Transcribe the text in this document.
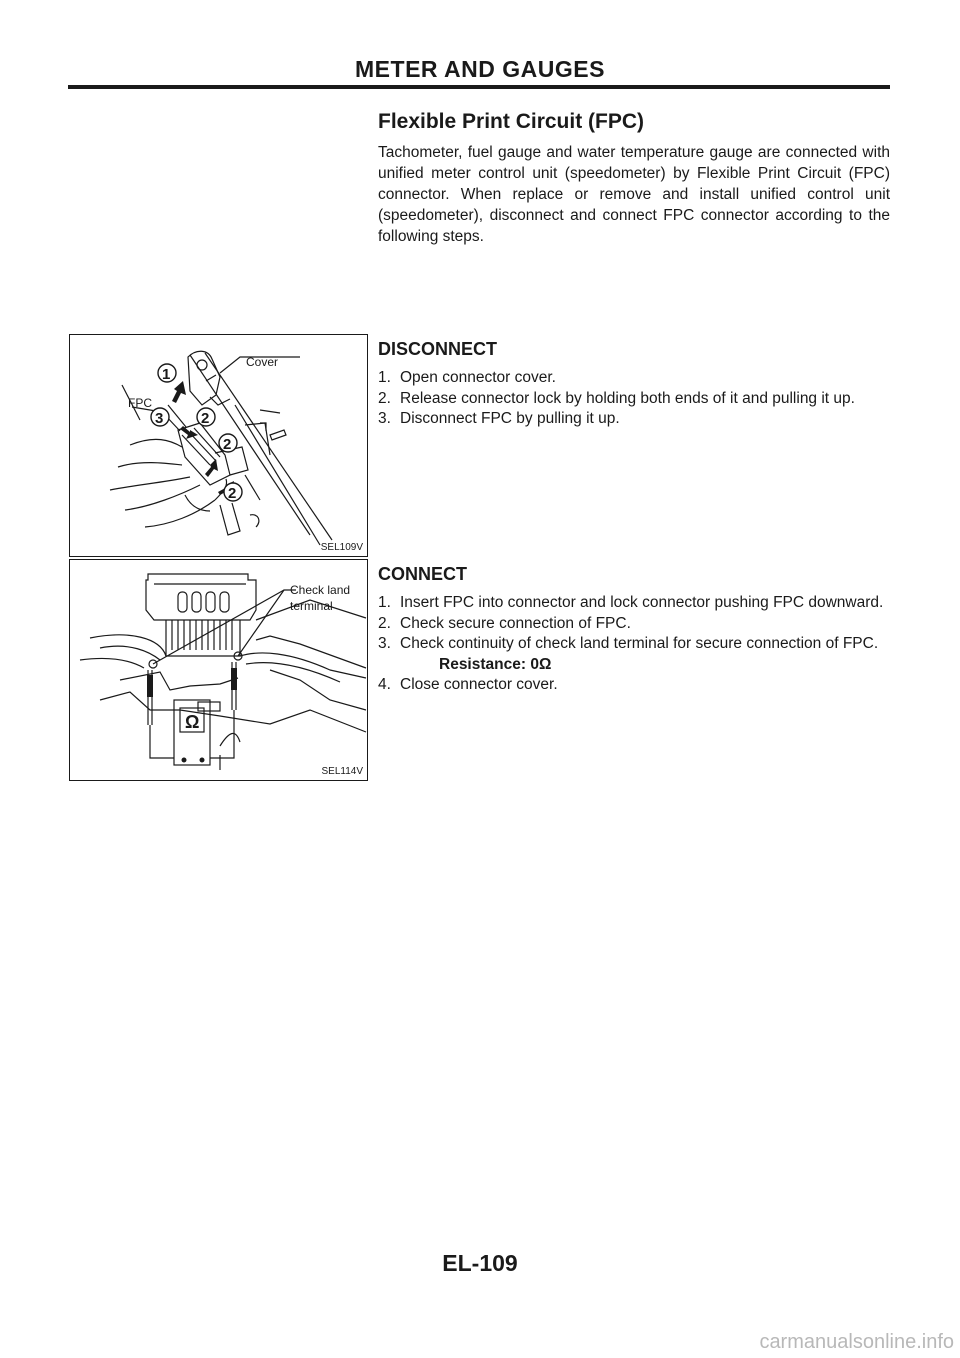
METER AND GAUGES
Flexible Print Circuit (FPC)
Tachometer, fuel gauge and water temperature gauge are connected with unified meter control unit (speedometer) by Flexible Print Circuit (FPC) connector. When replace or remove and install unified control unit (speedometer), disconnect and connect FPC connector according to the following steps.
1
3	2
2
2
Cover
FPC
SEL109V
DISCONNECT
1. Open connector cover.
2. Release connector lock by holding both ends of it and pulling it up.
3. Disconnect FPC by pulling it up.
Ω
Check land
terminal
SEL114V
CONNECT
1. Insert FPC into connector and lock connector pushing FPC downward.
2. Check secure connection of FPC.
3. Check continuity of check land terminal for secure connection of FPC.
Resistance: 0Ω
4. Close connector cover.
EL-109
carmanualsonline.info
